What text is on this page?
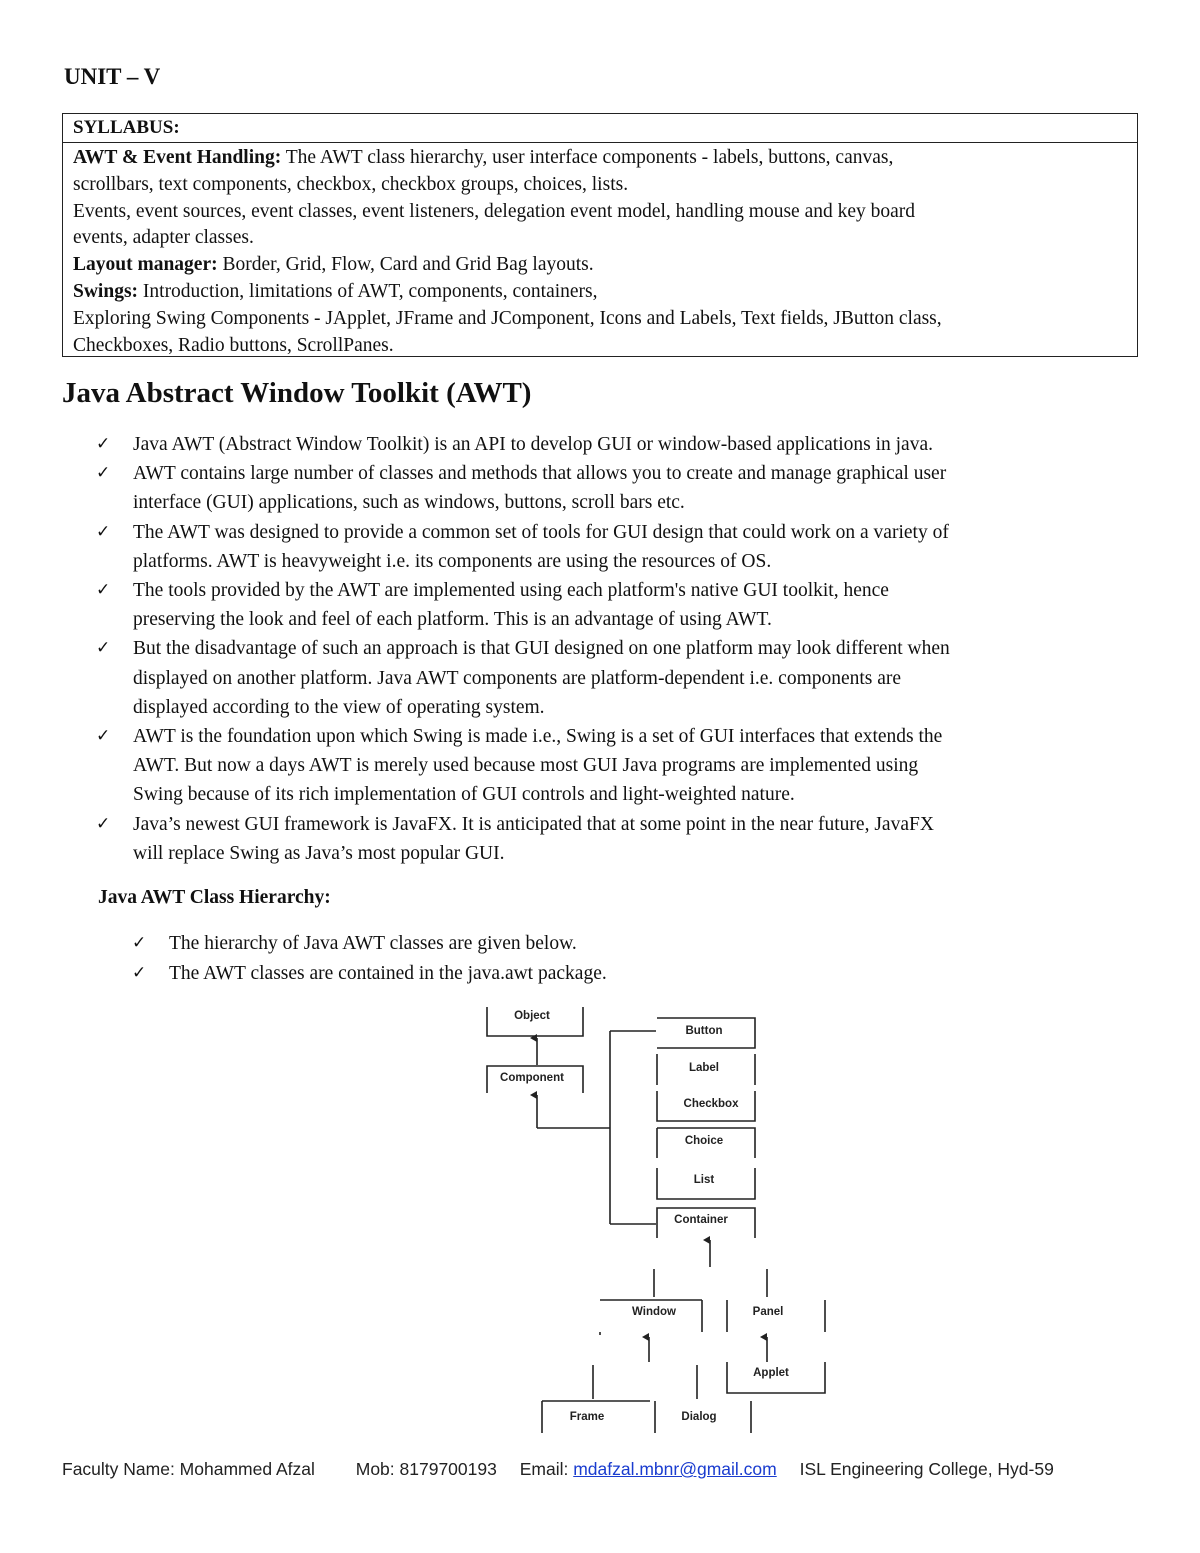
UNIT – V
SYLLABUS:
AWT & Event Handling: The AWT class hierarchy, user interface components - labels, buttons, canvas,
scrollbars, text components, checkbox, checkbox groups, choices, lists.
Events, event sources, event classes, event listeners, delegation event model, handling mouse and key board
events, adapter classes.
Layout manager: Border, Grid, Flow, Card and Grid Bag layouts.
Swings: Introduction, limitations of AWT, components, containers,
Exploring Swing Components - JApplet, JFrame and JComponent, Icons and Labels, Text fields, JButton class,
Checkboxes, Radio buttons, ScrollPanes.
Java Abstract Window Toolkit (AWT)
✓ Java AWT (Abstract Window Toolkit) is an API to develop GUI or window-based applications in java.
✓ AWT contains large number of classes and methods that allows you to create and manage graphical user
interface (GUI) applications, such as windows, buttons, scroll bars etc.
✓ The AWT was designed to provide a common set of tools for GUI design that could work on a variety of
platforms. AWT is heavyweight i.e. its components are using the resources of OS.
✓ The tools provided by the AWT are implemented using each platform's native GUI toolkit, hence
preserving the look and feel of each platform. This is an advantage of using AWT.
✓ But the disadvantage of such an approach is that GUI designed on one platform may look different when
displayed on another platform. Java AWT components are platform-dependent i.e. components are
displayed according to the view of operating system.
✓ AWT is the foundation upon which Swing is made i.e., Swing is a set of GUI interfaces that extends the
AWT. But now a days AWT is merely used because most GUI Java programs are implemented using
Swing because of its rich implementation of GUI controls and light-weighted nature.
✓ Java’s newest GUI framework is JavaFX. It is anticipated that at some point in the near future, JavaFX
will replace Swing as Java’s most popular GUI.
Java AWT Class Hierarchy:
✓ The hierarchy of Java AWT classes are given below.
✓ The AWT classes are contained in the java.awt package.
Object
Component
Button
Label
Checkbox
Choice
List
Container
Window	Panel
Applet
Frame	Dialog
Faculty Name: Mohammed Afzal Mob: 8179700193 Email: mdafzal.mbnr@gmail.com ISL Engineering College, Hyd-59
